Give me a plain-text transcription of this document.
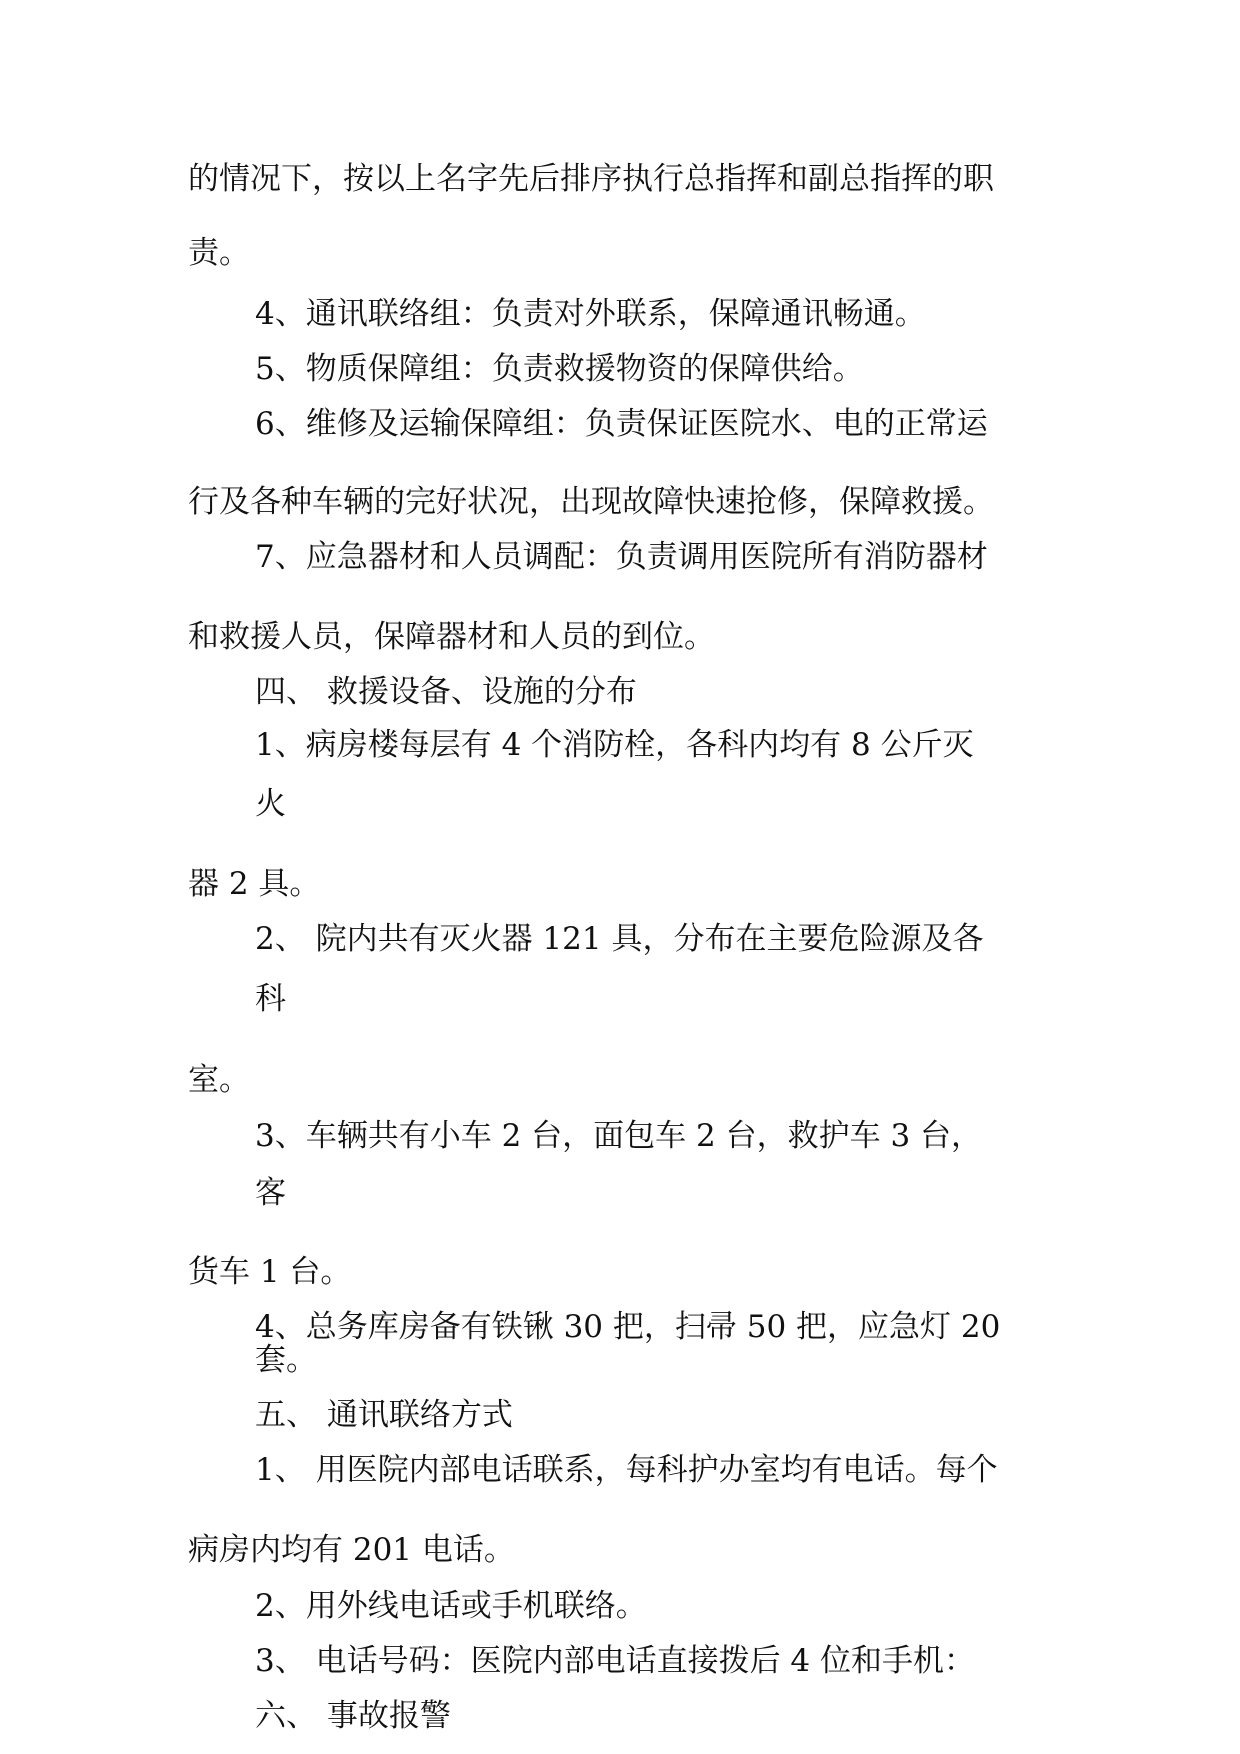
的情况下，按以上名字先后排序执行总指挥和副总指挥的职

责。

4、通讯联络组：负责对外联系，保障通讯畅通。

5、物质保障组：负责救援物资的保障供给。

6、维修及运输保障组：负责保证医院水、电的正常运

行及各种车辆的完好状况，出现故障快速抢修，保障救援。

7、应急器材和人员调配：负责调用医院所有消防器材

和救援人员，保障器材和人员的到位。

四、 救援设备、设施的分布

1、病房楼每层有 4 个消防栓，各科内均有 8 公斤灭

火

器 2 具。

2、 院内共有灭火器 121 具，分布在主要危险源及各

科

室。

3、车辆共有小车 2 台，面包车 2 台，救护车 3 台，

客

货车 1 台。

4、总务库房备有铁锹 30 把，扫帚 50 把，应急灯 20

套。

五、 通讯联络方式

1、 用医院内部电话联系，每科护办室均有电话。每个

病房内均有 201 电话。

2、用外线电话或手机联络。

3、 电话号码：医院内部电话直接拨后 4 位和手机：

六、 事故报警
